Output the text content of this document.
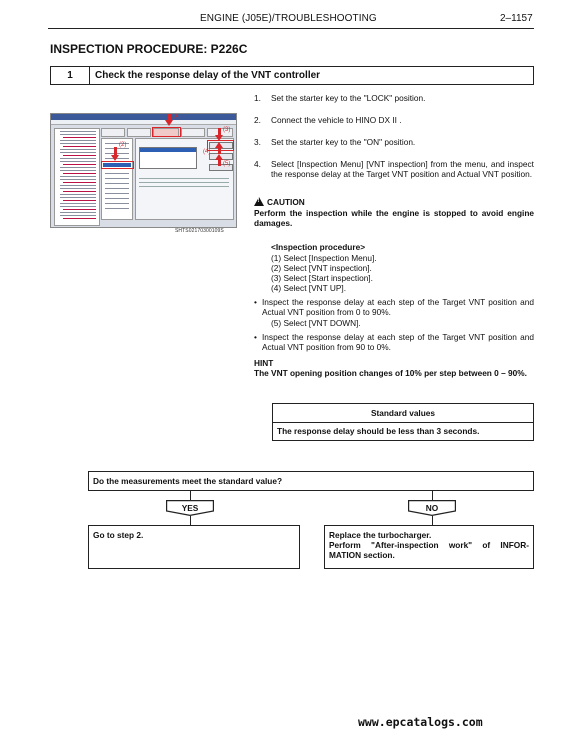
ENGINE (J05E)/TROUBLESHOOTING	2–1157
INSPECTION PROCEDURE: P226C
1	Check the response delay of the VNT controller
(1)
(2)
(3)
(4)
(5)
SHTS02170300109S
1. Set the starter key to the "LOCK" position.
2. Connect the vehicle to HINO DX II .
3. Set the starter key to the "ON" position.
4. Select [Inspection Menu] [VNT inspection] from the menu, and inspect the response delay at the Target VNT position and Actual VNT position.
!CAUTION
Perform the inspection while the engine is stopped to avoid engine damages.
<Inspection procedure>
(1) Select [Inspection Menu].
(2) Select [VNT inspection].
(3) Select [Start inspection].
(4) Select [VNT UP].
• Inspect the response delay at each step of the Target VNT position and Actual VNT position from 0 to 90%.
(5) Select [VNT DOWN].
• Inspect the response delay at each step of the Target VNT position and Actual VNT position from 90 to 0%.
HINT
The VNT opening position changes of 10% per step between 0 – 90%.
Standard values
The response delay should be less than 3 seconds.
Do the measurements meet the standard value?
YES	NO
Go to step 2.	Replace the turbocharger.
Perform "After-inspection work" of INFOR-MATION section.
www.epcatalogs.com
